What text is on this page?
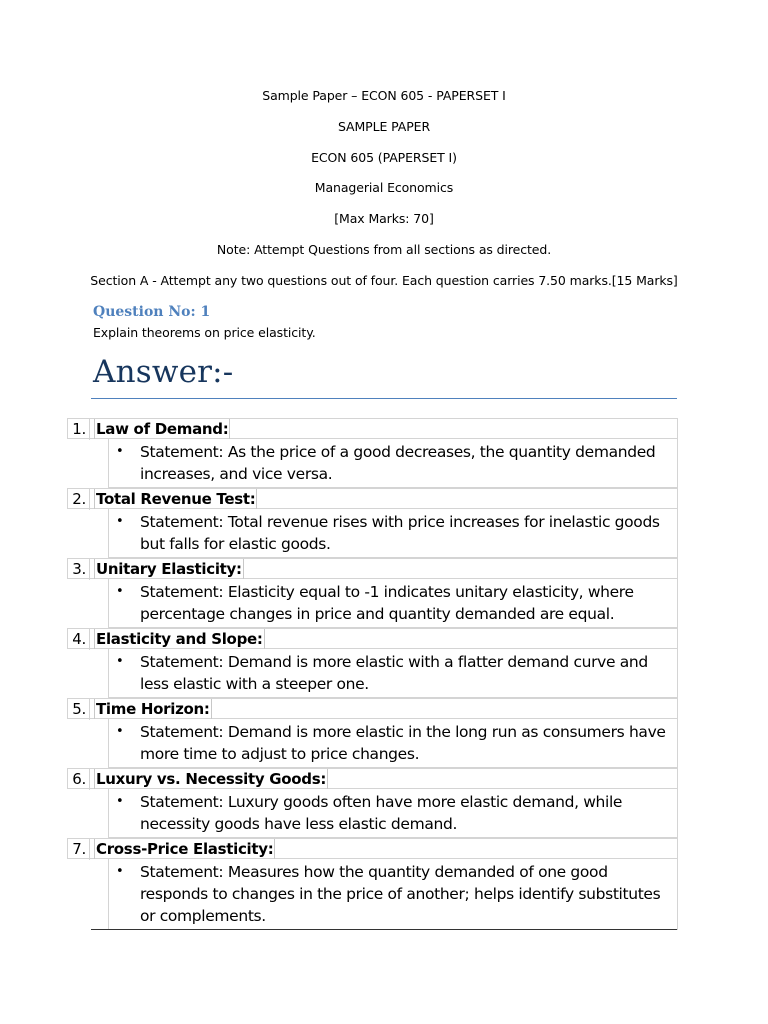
Sample Paper – ECON 605 - PAPERSET I
SAMPLE PAPER
ECON 605 (PAPERSET I)
Managerial Economics
[Max Marks: 70]
Note: Attempt Questions from all sections as directed.
Section A - Attempt any two questions out of four. Each question carries 7.50 marks.[15 Marks]
Question No: 1
Explain theorems on price elasticity.
Answer:-
1. Law of Demand:
• Statement: As the price of a good decreases, the quantity demanded increases, and vice versa.
2. Total Revenue Test:
• Statement: Total revenue rises with price increases for inelastic goods but falls for elastic goods.
3. Unitary Elasticity:
• Statement: Elasticity equal to -1 indicates unitary elasticity, where percentage changes in price and quantity demanded are equal.
4. Elasticity and Slope:
• Statement: Demand is more elastic with a flatter demand curve and less elastic with a steeper one.
5. Time Horizon:
• Statement: Demand is more elastic in the long run as consumers have more time to adjust to price changes.
6. Luxury vs. Necessity Goods:
• Statement: Luxury goods often have more elastic demand, while necessity goods have less elastic demand.
7. Cross-Price Elasticity:
• Statement: Measures how the quantity demanded of one good responds to changes in the price of another; helps identify substitutes or complements.
